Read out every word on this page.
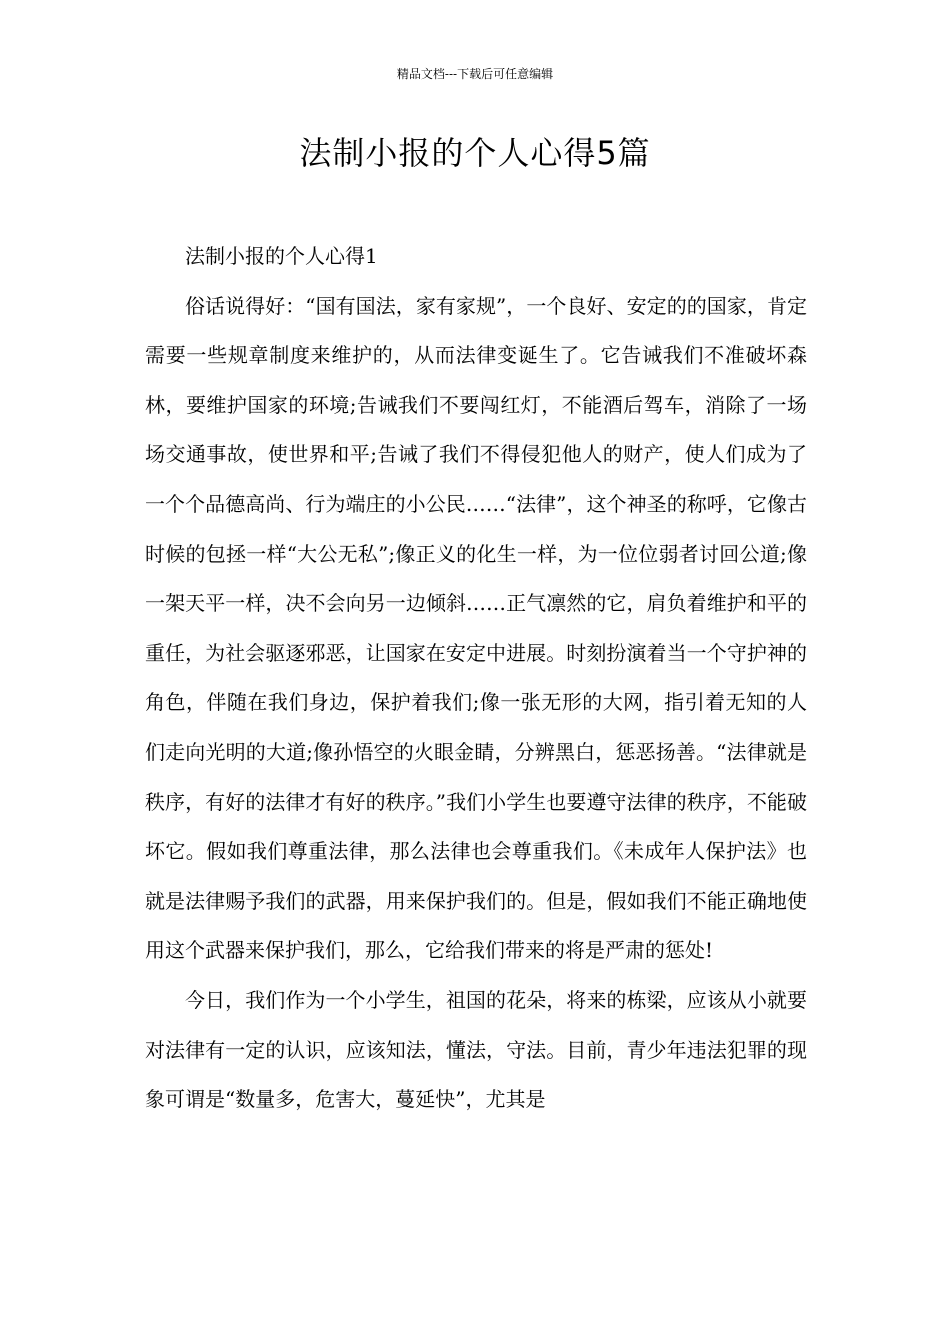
精品文档---下载后可任意编辑
法制小报的个人心得5篇

法制小报的个人心得1

俗话说得好：“国有国法，家有家规”，一个良好、安定的的国家，肯定需要一些规章制度来维护的，从而法律变诞生了。它告诫我们不准破坏森林，要维护国家的环境;告诫我们不要闯红灯，不能酒后驾车，消除了一场场交通事故，使世界和平;告诫了我们不得侵犯他人的财产，使人们成为了一个个品德高尚、行为端庄的小公民……“法律”，这个神圣的称呼，它像古时候的包拯一样“大公无私”;像正义的化生一样，为一位位弱者讨回公道;像一架天平一样，决不会向另一边倾斜……正气凛然的它，肩负着维护和平的重任，为社会驱逐邪恶，让国家在安定中进展。时刻扮演着当一个守护神的角色，伴随在我们身边，保护着我们;像一张无形的大网，指引着无知的人们走向光明的大道;像孙悟空的火眼金睛，分辨黑白，惩恶扬善。“法律就是秩序，有好的法律才有好的秩序。”我们小学生也要遵守法律的秩序，不能破坏它。假如我们尊重法律，那么法律也会尊重我们。《未成年人保护法》也就是法律赐予我们的武器，用来保护我们的。但是，假如我们不能正确地使用这个武器来保护我们，那么，它给我们带来的将是严肃的惩处!

今日，我们作为一个小学生，祖国的花朵，将来的栋梁，应该从小就要对法律有一定的认识，应该知法，懂法，守法。目前，青少年违法犯罪的现象可谓是“数量多，危害大，蔓延快”，尤其是
